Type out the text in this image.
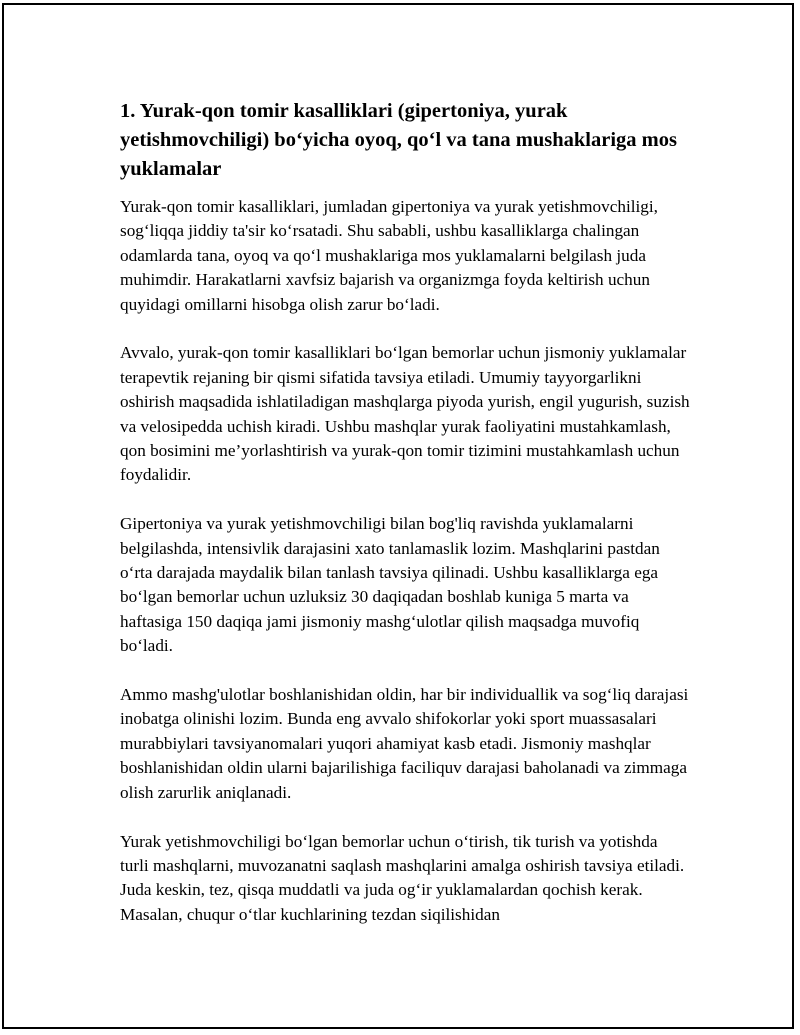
1. Yurak-qon tomir kasalliklari (gipertoniya, yurak yetishmovchiligi) bo‘yicha oyoq, qo‘l va tana mushaklariga mos yuklamalar

Yurak-qon tomir kasalliklari, jumladan gipertoniya va yurak yetishmovchiligi, sog‘liqqa jiddiy ta'sir ko‘rsatadi. Shu sababli, ushbu kasalliklarga chalingan odamlarda tana, oyoq va qo‘l mushaklariga mos yuklamalarni belgilash juda muhimdir. Harakatlarni xavfsiz bajarish va organizmga foyda keltirish uchun quyidagi omillarni hisobga olish zarur bo‘ladi.

Avvalo, yurak-qon tomir kasalliklari bo‘lgan bemorlar uchun jismoniy yuklamalar terapevtik rejaning bir qismi sifatida tavsiya etiladi. Umumiy tayyorgarlikni oshirish maqsadida ishlatiladigan mashqlarga piyoda yurish, engil yugurish, suzish va velosipedda uchish kiradi. Ushbu mashqlar yurak faoliyatini mustahkamlash, qon bosimini me’yorlashtirish va yurak-qon tomir tizimini mustahkamlash uchun foydalidir.

Gipertoniya va yurak yetishmovchiligi bilan bog'liq ravishda yuklamalarni belgilashda, intensivlik darajasini xato tanlamaslik lozim. Mashqlarini pastdan o‘rta darajada maydalik bilan tanlash tavsiya qilinadi. Ushbu kasalliklarga ega bo‘lgan bemorlar uchun uzluksiz 30 daqiqadan boshlab kuniga 5 marta va haftasiga 150 daqiqa jami jismoniy mashg‘ulotlar qilish maqsadga muvofiq bo‘ladi.

Ammo mashg'ulotlar boshlanishidan oldin, har bir individuallik va sog‘liq darajasi inobatga olinishi lozim. Bunda eng avvalo shifokorlar yoki sport muassasalari murabbiylari tavsiyanomalari yuqori ahamiyat kasb etadi. Jismoniy mashqlar boshlanishidan oldin ularni bajarilishiga faciliquv darajasi baholanadi va zimmaga olish zarurlik aniqlanadi.

Yurak yetishmovchiligi bo‘lgan bemorlar uchun o‘tirish, tik turish va yotishda turli mashqlarni, muvozanatni saqlash mashqlarini amalga oshirish tavsiya etiladi. Juda keskin, tez, qisqa muddatli va juda og‘ir yuklamalardan qochish kerak. Masalan, chuqur o‘tlar kuchlarining tezdan siqilishidan
